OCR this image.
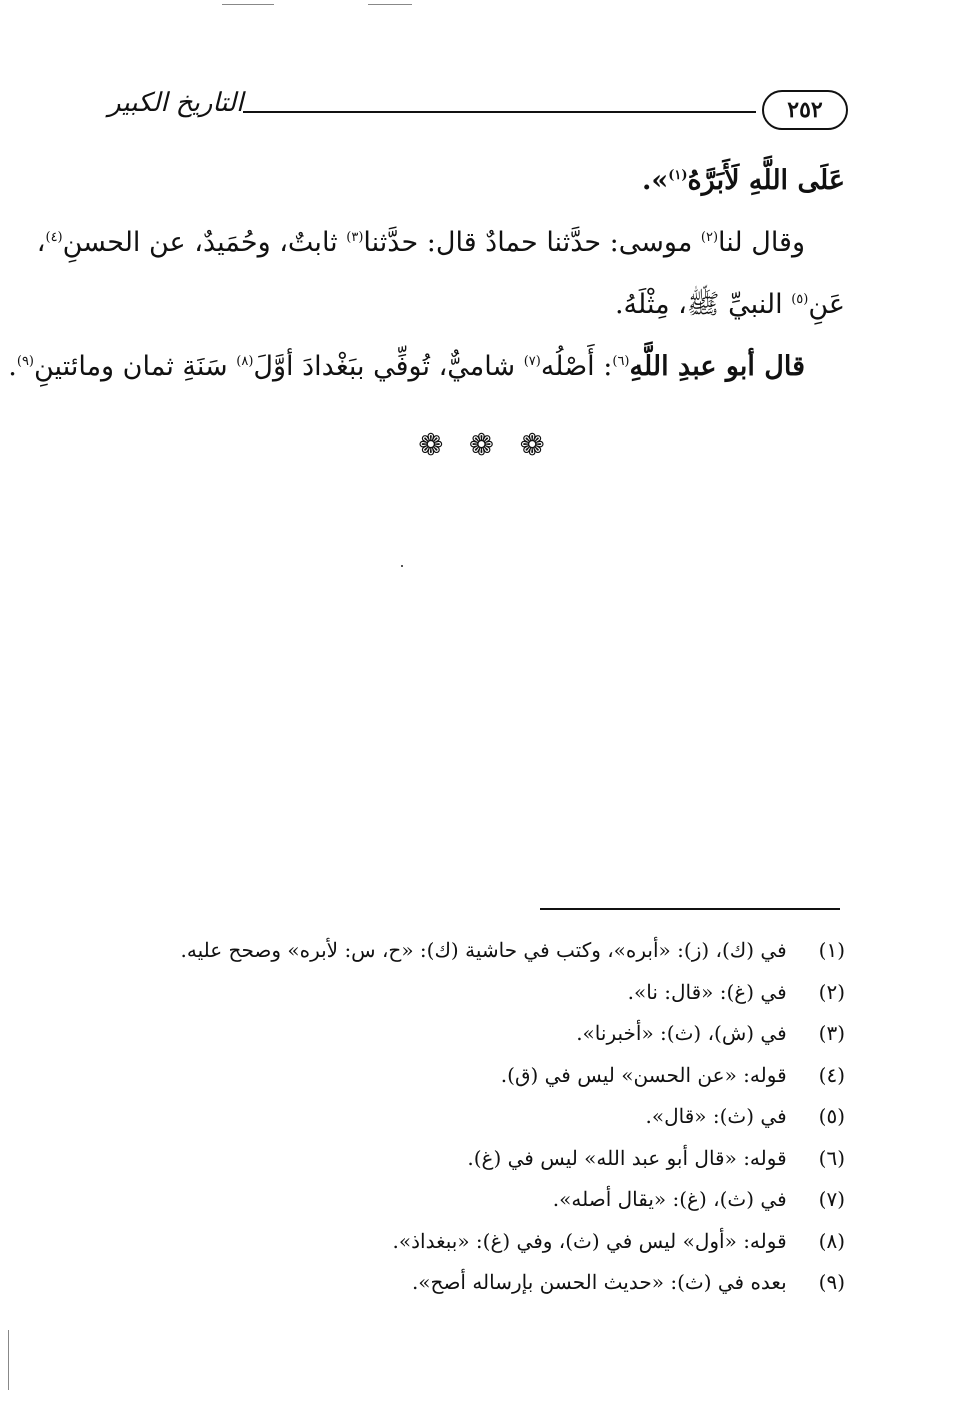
التاريخ الكبير	٢٥٢
عَلَى اللَّهِ لَأَبَرَّهُ$^{(١)}$».
وقال لنا$^{(٢)}$ موسى: حدَّثنا حمادٌ قال: حدَّثنا$^{(٣)}$ ثابتٌ، وحُمَيدٌ، عن الحسنِ$^{(٤)}$،
عَنِ$^{(٥)}$ النبيِّ ﷺ، مِثْلَهُ.
قال أبو عبدِ اللَّهِ$^{(٦)}$: أَصْلُه$^{(٧)}$ شاميٌّ، تُوفِّي ببَغْدادَ أوَّلَ$^{(٨)}$ سَنَةِ ثمان ومائتينِ$^{(٩)}$.
❁ ❁ ❁
(١) في (ك)، (ز): «أبره»، وكتب في حاشية (ك): «ح، س: لأبره» وصحح عليه.
(٢) في (غ): «قال: نا».
(٣) في (ش)، (ث): «أخبرنا».
(٤) قوله: «عن الحسن» ليس في (ق).
(٥) في (ث): «قال».
(٦) قوله: «قال أبو عبد الله» ليس في (غ).
(٧) في (ث)، (غ): «يقال أصله».
(٨) قوله: «أول» ليس في (ث)، وفي (غ): «ببغداذ».
(٩) بعده في (ث): «حديث الحسن بإرساله أصح».
